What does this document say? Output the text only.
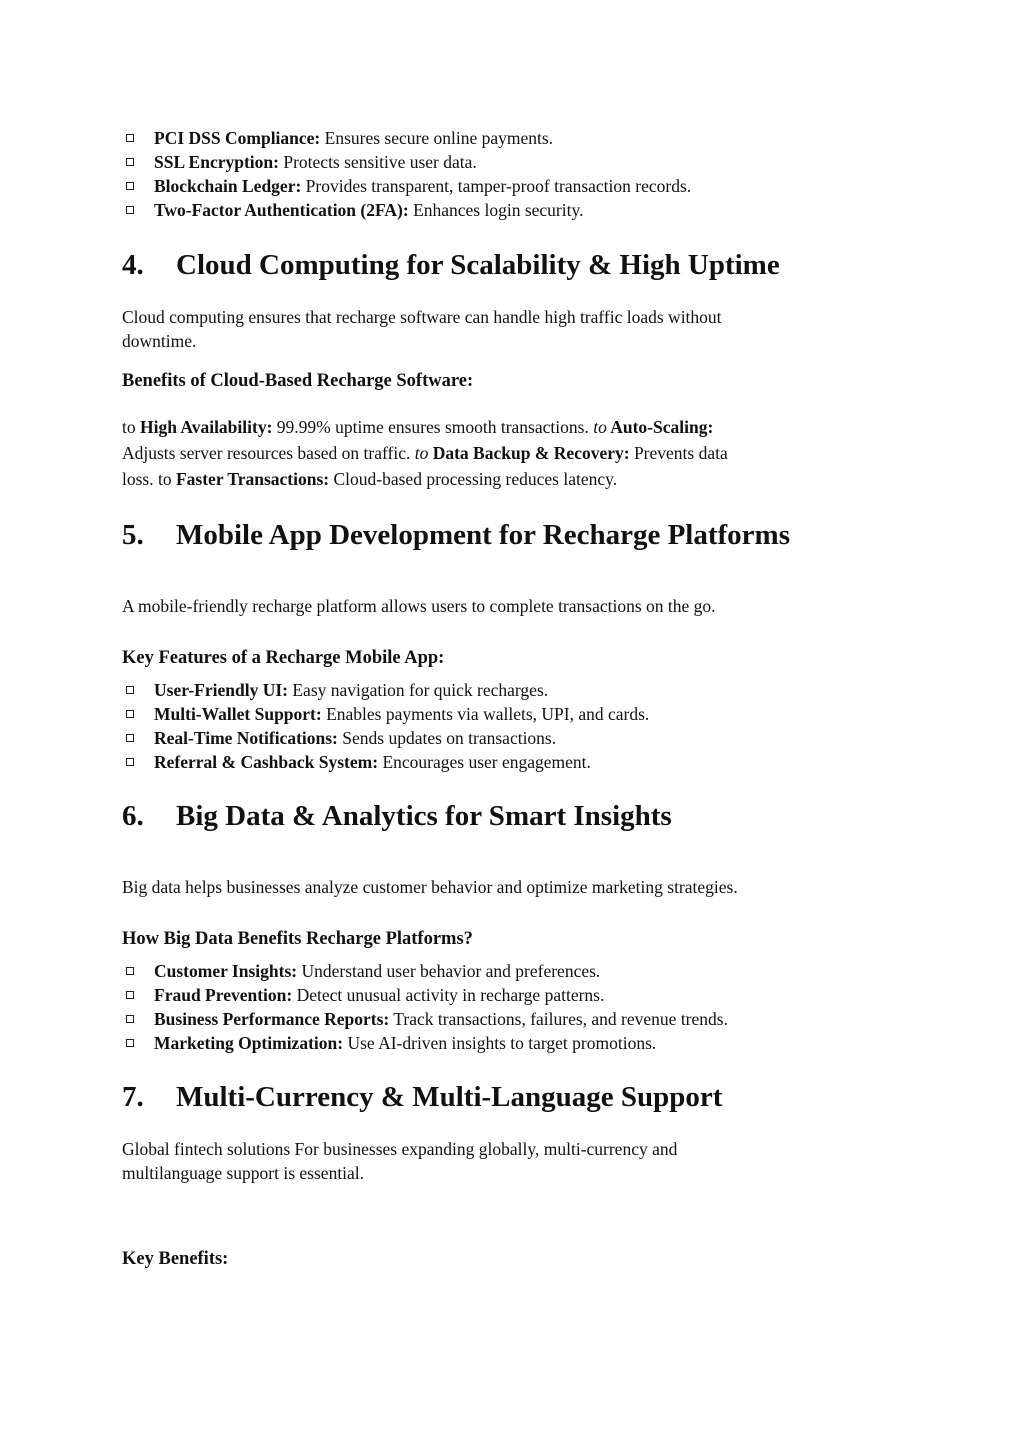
PCI DSS Compliance: Ensures secure online payments.
SSL Encryption: Protects sensitive user data.
Blockchain Ledger: Provides transparent, tamper-proof transaction records.
Two-Factor Authentication (2FA): Enhances login security.
4. Cloud Computing for Scalability & High Uptime
Cloud computing ensures that recharge software can handle high traffic loads without
downtime.
Benefits of Cloud-Based Recharge Software:
to High Availability: 99.99% uptime ensures smooth transactions. to Auto-Scaling:
Adjusts server resources based on traffic. to Data Backup & Recovery: Prevents data
loss. to Faster Transactions: Cloud-based processing reduces latency.
5. Mobile App Development for Recharge Platforms
A mobile-friendly recharge platform allows users to complete transactions on the go.
Key Features of a Recharge Mobile App:
User-Friendly UI: Easy navigation for quick recharges.
Multi-Wallet Support: Enables payments via wallets, UPI, and cards.
Real-Time Notifications: Sends updates on transactions.
Referral & Cashback System: Encourages user engagement.
6. Big Data & Analytics for Smart Insights
Big data helps businesses analyze customer behavior and optimize marketing strategies.
How Big Data Benefits Recharge Platforms?
Customer Insights: Understand user behavior and preferences.
Fraud Prevention: Detect unusual activity in recharge patterns.
Business Performance Reports: Track transactions, failures, and revenue trends.
Marketing Optimization: Use AI-driven insights to target promotions.
7. Multi-Currency & Multi-Language Support
Global fintech solutions For businesses expanding globally, multi-currency and
multilanguage support is essential.
Key Benefits:
